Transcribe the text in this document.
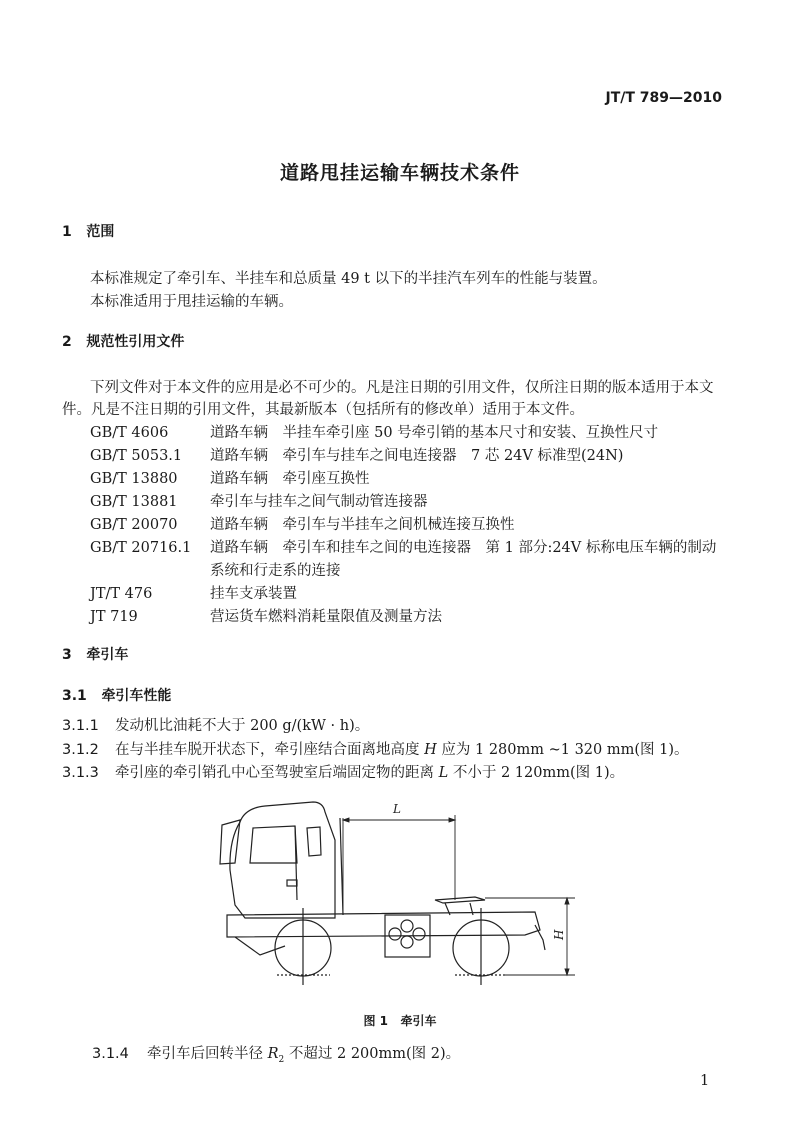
JT/T 789—2010
道路甩挂运输车辆技术条件
1 范围
本标准规定了牵引车、半挂车和总质量 49 t 以下的半挂汽车列车的性能与装置。
本标准适用于甩挂运输的车辆。
2 规范性引用文件
下列文件对于本文件的应用是必不可少的。凡是注日期的引用文件，仅所注日期的版本适用于本文
件。凡是不注日期的引用文件，其最新版本（包括所有的修改单）适用于本文件。
GB/T 4606	道路车辆　半挂车牵引座 50 号牵引销的基本尺寸和安装、互换性尺寸
GB/T 5053.1 道路车辆　牵引车与挂车之间电连接器　7 芯 24V 标准型(24N)
GB/T 13880 道路车辆　牵引座互换性
GB/T 13881 牵引车与挂车之间气制动管连接器
GB/T 20070 道路车辆　牵引车与半挂车之间机械连接互换性
GB/T 20716.1 道路车辆　牵引车和挂车之间的电连接器　第 1 部分:24V 标称电压车辆的制动
系统和行走系的连接
JT/T 476	挂车支承装置
JT 719	营运货车燃料消耗量限值及测量方法
3 牵引车
3.1 牵引车性能
3.1.1 发动机比油耗不大于 200 g/(kW · h)。
3.1.2 在与半挂车脱开状态下，牵引座结合面离地高度 H 应为 1 280mm ~1 320 mm(图 1)。
3.1.3 牵引座的牵引销孔中心至驾驶室后端固定物的距离 L 不小于 2 120mm(图 1)。
L
H
图 1 牵引车
3.1.4 牵引车后回转半径 $R_2$ 不超过 2 200mm(图 2)。
1
